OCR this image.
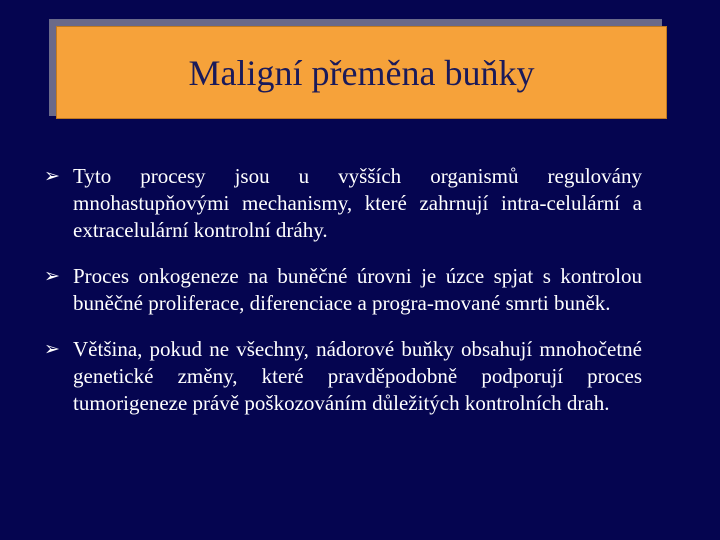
Maligní přeměna buňky
➢ Tyto procesy jsou u vyšších organismů regulovány mnohastupňovými mechanismy, které zahrnují intra-celulární a extracelulární kontrolní dráhy.
➢ Proces onkogeneze na buněčné úrovni je úzce spjat s kontrolou buněčné proliferace, diferenciace a progra-mované smrti buněk.
➢ Většina, pokud ne všechny, nádorové buňky obsahují mnohočetné genetické změny, které pravděpodobně podporují proces tumorigeneze právě poškozováním důležitých kontrolních drah.
